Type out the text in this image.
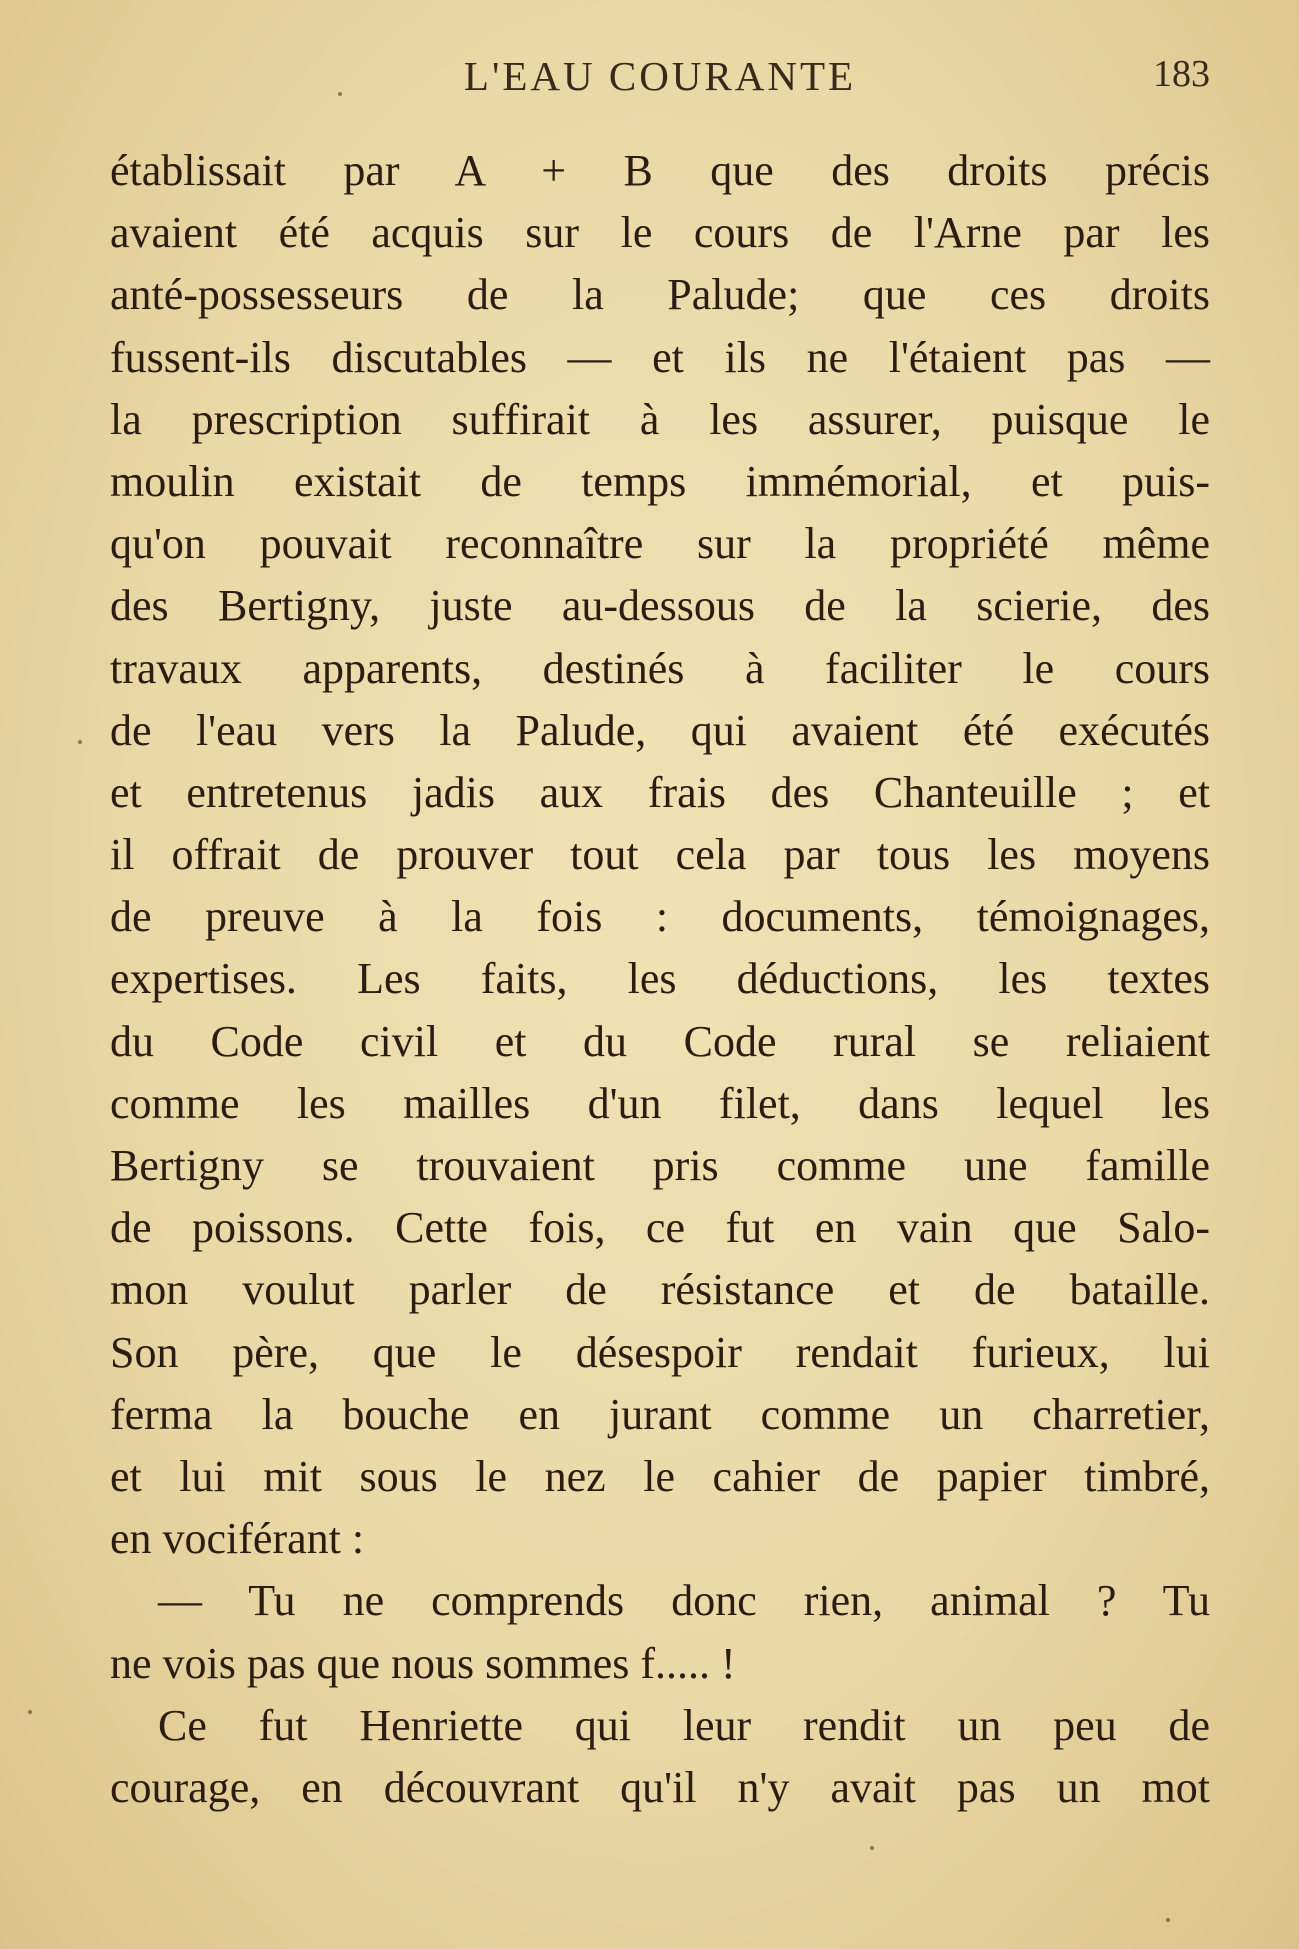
L'EAU COURANTE	183
établissait par A + B que des droits précis
avaient été acquis sur le cours de l'Arne par les
anté-possesseurs de la Palude; que ces droits
fussent-ils discutables — et ils ne l'étaient pas —
la prescription suffirait à les assurer, puisque le
moulin existait de temps immémorial, et puis-
qu'on pouvait reconnaître sur la propriété même
des Bertigny, juste au-dessous de la scierie, des
travaux apparents, destinés à faciliter le cours
de l'eau vers la Palude, qui avaient été exécutés
et entretenus jadis aux frais des Chanteuille ; et
il offrait de prouver tout cela par tous les moyens
de preuve à la fois : documents, témoignages,
expertises. Les faits, les déductions, les textes
du Code civil et du Code rural se reliaient
comme les mailles d'un filet, dans lequel les
Bertigny se trouvaient pris comme une famille
de poissons. Cette fois, ce fut en vain que Salo-
mon voulut parler de résistance et de bataille.
Son père, que le désespoir rendait furieux, lui
ferma la bouche en jurant comme un charretier,
et lui mit sous le nez le cahier de papier timbré,
en vociférant :
— Tu ne comprends donc rien, animal ? Tu
ne vois pas que nous sommes f..... !
Ce fut Henriette qui leur rendit un peu de
courage, en découvrant qu'il n'y avait pas un mot
